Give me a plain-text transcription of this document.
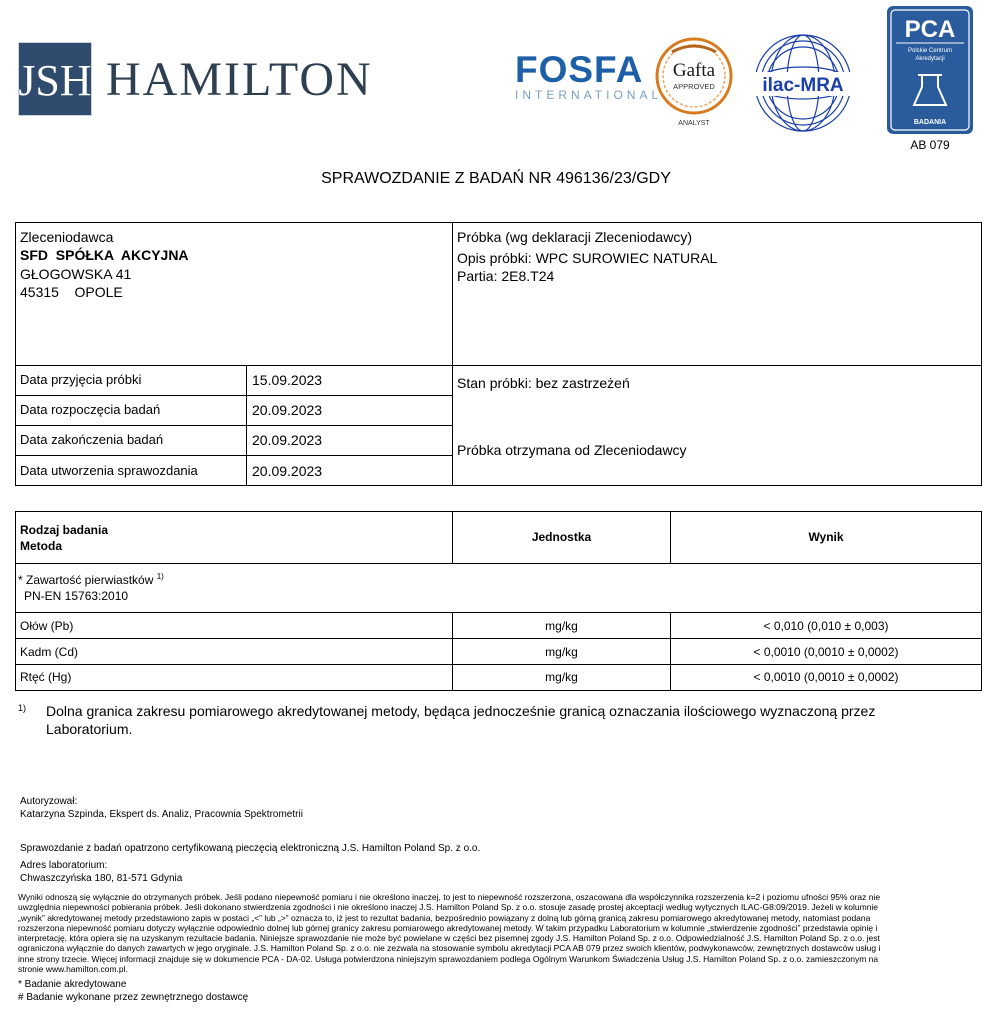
JSH HAMILTON	FOSFA
INTERNATIONAL
Gafta
APPROVED
ANALYST
ilac-MRA
PCA
Polskie Centrum
Akredytacji
BADANIA
AB 079
SPRAWOZDANIE Z BADAŃ NR 496136/23/GDY
Zleceniodawca
SFD  SPÓŁKA  AKCYJNA
GŁOGOWSKA 41
45315    OPOLE
Próbka (wg deklaracji Zleceniodawcy)
Opis próbki: WPC SUROWIEC NATURAL
Partia: 2E8.T24
Stan próbki: bez zastrzeżeń
Próbka otrzymana od Zleceniodawcy
Data przyjęcia próbki	15.09.2023
Data rozpoczęcia badań	20.09.2023
Data zakończenia badań	20.09.2023
Data utworzenia sprawozdania	20.09.2023
Rodzaj badania
Metoda
Jednostka	Wynik
* Zawartość pierwiastków $^{1)}$
PN-EN 15763:2010
Ołów (Pb)	mg/kg	< 0,010 (0,010 ± 0,003)
Kadm (Cd)	mg/kg	< 0,0010 (0,0010 ± 0,0002)
Rtęć (Hg)	mg/kg	< 0,0010 (0,0010 ± 0,0002)
1) Dolna granica zakresu pomiarowego akredytowanej metody, będąca jednocześnie granicą oznaczania ilościowego wyznaczoną przez
Laboratorium.
Autoryzował:
Katarzyna Szpinda, Ekspert ds. Analiz, Pracownia Spektrometrii
Sprawozdanie z badań opatrzono certyfikowaną pieczęcią elektroniczną J.S. Hamilton Poland Sp. z o.o.
Adres laboratorium:
Chwaszczyńska 180, 81-571 Gdynia
Wyniki odnoszą się wyłącznie do otrzymanych próbek. Jeśli podano niepewność pomiaru i nie określono inaczej, to jest to niepewność rozszerzona, oszacowana dla współczynnika rozszerzenia k=2 i poziomu ufności 95% oraz nie
uwzględnia niepewności pobierania próbek. Jeśli dokonano stwierdzenia zgodności i nie określono inaczej J.S. Hamilton Poland Sp. z o.o. stosuje zasadę prostej akceptacji według wytycznych ILAC-G8:09/2019. Jeżeli w kolumnie
„wynik” akredytowanej metody przedstawiono zapis w postaci „<” lub „>” oznacza to, iż jest to rezultat badania, bezpośrednio powiązany z dolną lub górną granicą zakresu pomiarowego akredytowanej metody, natomiast podana
rozszerzona niepewność pomiaru dotyczy wyłącznie odpowiednio dolnej lub górnej granicy zakresu pomiarowego akredytowanej metody. W takim przypadku Laboratorium w kolumnie „stwierdzenie zgodności” przedstawia opinię i
interpretację, która opiera się na uzyskanym rezultacie badania. Niniejsze sprawozdanie nie może być powielane w części bez pisemnej zgody J.S. Hamilton Poland Sp. z o.o. Odpowiedzialność J.S. Hamilton Poland Sp. z o.o. jest
ograniczona wyłącznie do danych zawartych w jego oryginale. J.S. Hamilton Poland Sp. z o.o. nie zezwala na stosowanie symbolu akredytacji PCA AB 079 przez swoich klientów, podwykonawców, zewnętrznych dostawców usług i
inne strony trzecie. Więcej informacji znajduje się w dokumencie PCA - DA-02. Usługa potwierdzona niniejszym sprawozdaniem podlega Ogólnym Warunkom Świadczenia Usług J.S. Hamilton Poland Sp. z o.o. zamieszczonym na
stronie www.hamilton.com.pl.
* Badanie akredytowane
# Badanie wykonane przez zewnętrznego dostawcę
